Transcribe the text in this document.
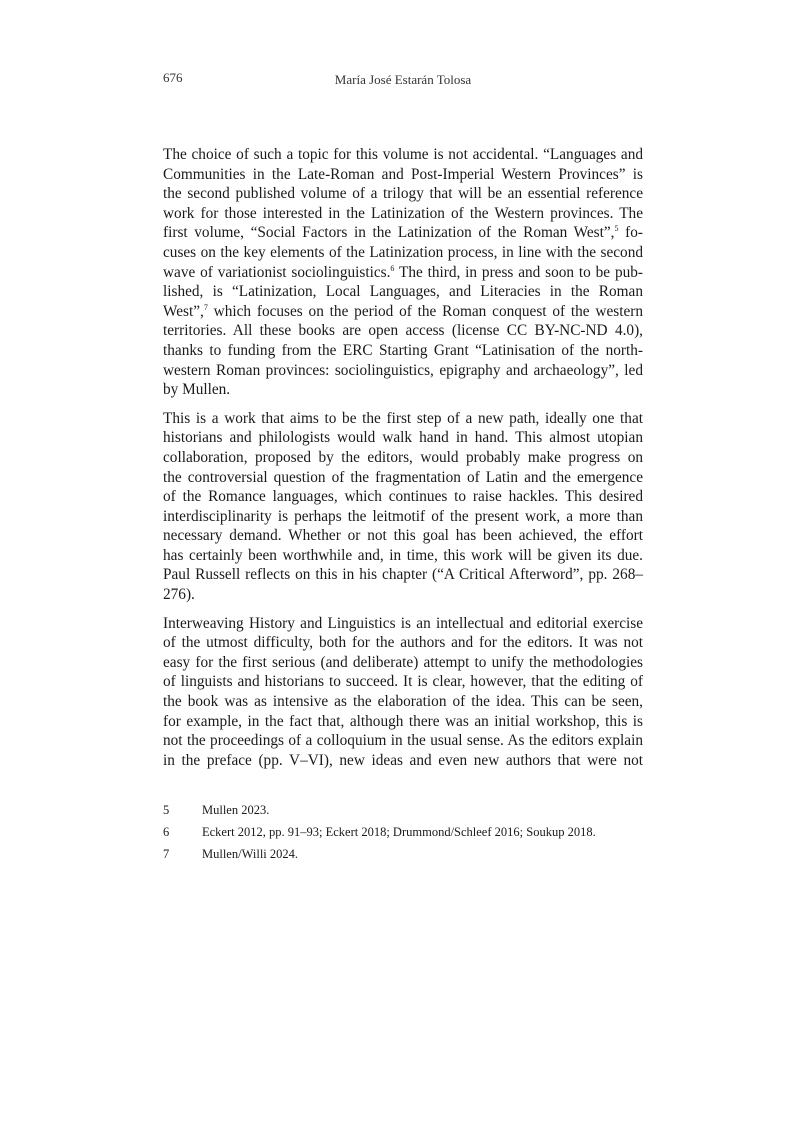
676	María José Estarán Tolosa
The choice of such a topic for this volume is not accidental. “Languages and
Communities in the Late-Roman and Post-Imperial Western Provinces” is
the second published volume of a trilogy that will be an essential reference
work for those interested in the Latinization of the Western provinces. The
first volume, “Social Factors in the Latinization of the Roman West”,$^5$ fo-
cuses on the key elements of the Latinization process, in line with the second
wave of variationist sociolinguistics.$^6$ The third, in press and soon to be pub-
lished, is “Latinization, Local Languages, and Literacies in the Roman
West”,$^7$ which focuses on the period of the Roman conquest of the western
territories. All these books are open access (license CC BY-NC-ND 4.0),
thanks to funding from the ERC Starting Grant “Latinisation of the north-
western Roman provinces: sociolinguistics, epigraphy and archaeology”, led
by Mullen.
This is a work that aims to be the first step of a new path, ideally one that
historians and philologists would walk hand in hand. This almost utopian
collaboration, proposed by the editors, would probably make progress on
the controversial question of the fragmentation of Latin and the emergence
of the Romance languages, which continues to raise hackles. This desired
interdisciplinarity is perhaps the leitmotif of the present work, a more than
necessary demand. Whether or not this goal has been achieved, the effort
has certainly been worthwhile and, in time, this work will be given its due.
Paul Russell reflects on this in his chapter (“A Critical Afterword”, pp. 268–
276).
Interweaving History and Linguistics is an intellectual and editorial exercise
of the utmost difficulty, both for the authors and for the editors. It was not
easy for the first serious (and deliberate) attempt to unify the methodologies
of linguists and historians to succeed. It is clear, however, that the editing of
the book was as intensive as the elaboration of the idea. This can be seen,
for example, in the fact that, although there was an initial workshop, this is
not the proceedings of a colloquium in the usual sense. As the editors explain
in the preface (pp. V–VI), new ideas and even new authors that were not
5	Mullen 2023.
6	Eckert 2012, pp. 91–93; Eckert 2018; Drummond/Schleef 2016; Soukup 2018.
7	Mullen/Willi 2024.
